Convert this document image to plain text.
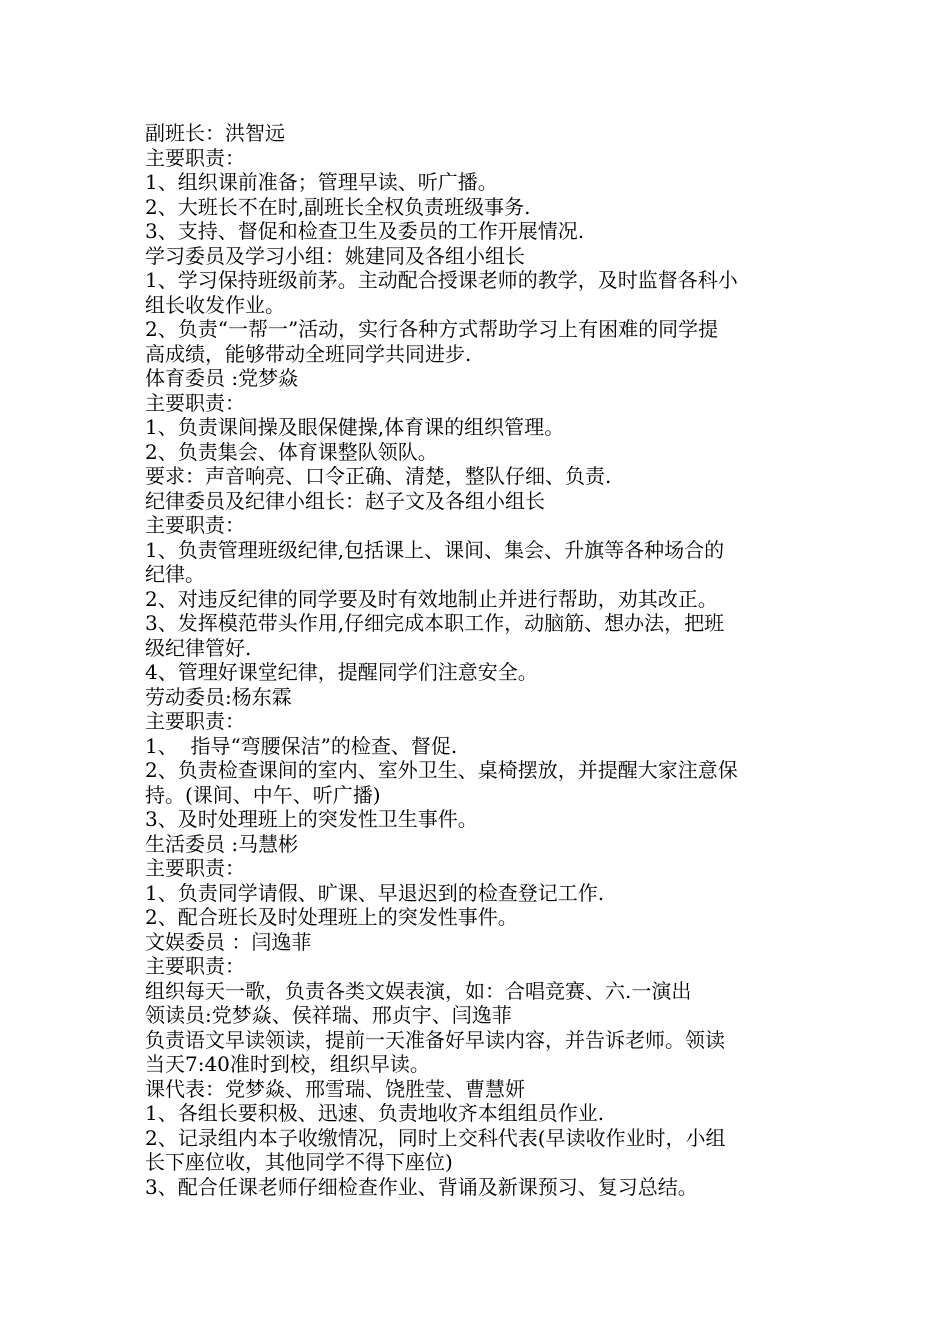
副班长：洪智远
主要职责：
1、组织课前准备；管理早读、听广播。
2、大班长不在时,副班长全权负责班级事务.
3、支持、督促和检查卫生及委员的工作开展情况.
学习委员及学习小组：姚建同及各组小组长
1、学习保持班级前茅。主动配合授课老师的教学，及时监督各科小
组长收发作业。
2、负责“一帮一”活动，实行各种方式帮助学习上有困难的同学提
高成绩，能够带动全班同学共同进步.
体育委员 :党梦焱
主要职责：
1、负责课间操及眼保健操,体育课的组织管理。
2、负责集会、体育课整队领队。
要求：声音响亮、口令正确、清楚，整队仔细、负责.
纪律委员及纪律小组长：赵子文及各组小组长
主要职责：
1、负责管理班级纪律,包括课上、课间、集会、升旗等各种场合的
纪律。
2、对违反纪律的同学要及时有效地制止并进行帮助，劝其改正。
3、发挥模范带头作用,仔细完成本职工作，动脑筋、想办法，把班
级纪律管好.
4、管理好课堂纪律，提醒同学们注意安全。
劳动委员:杨东霖
主要职责：
1、  指导“弯腰保洁”的检查、督促.
2、负责检查课间的室内、室外卫生、桌椅摆放，并提醒大家注意保
持。(课间、中午、听广播)
3、及时处理班上的突发性卫生事件。
生活委员 :马慧彬
主要职责：
1、负责同学请假、旷课、早退迟到的检查登记工作.
2、配合班长及时处理班上的突发性事件。
文娱委员 ：闫逸菲
主要职责：
组织每天一歌，负责各类文娱表演，如：合唱竞赛、六.一演出
领读员:党梦焱、侯祥瑞、邢贞宇、闫逸菲
负责语文早读领读，提前一天准备好早读内容，并告诉老师。领读
当天7:40准时到校，组织早读。
课代表：党梦焱、邢雪瑞、饶胜莹、曹慧妍
1、各组长要积极、迅速、负责地收齐本组组员作业.
2、记录组内本子收缴情况，同时上交科代表(早读收作业时，小组
长下座位收，其他同学不得下座位)
3、配合任课老师仔细检查作业、背诵及新课预习、复习总结。
